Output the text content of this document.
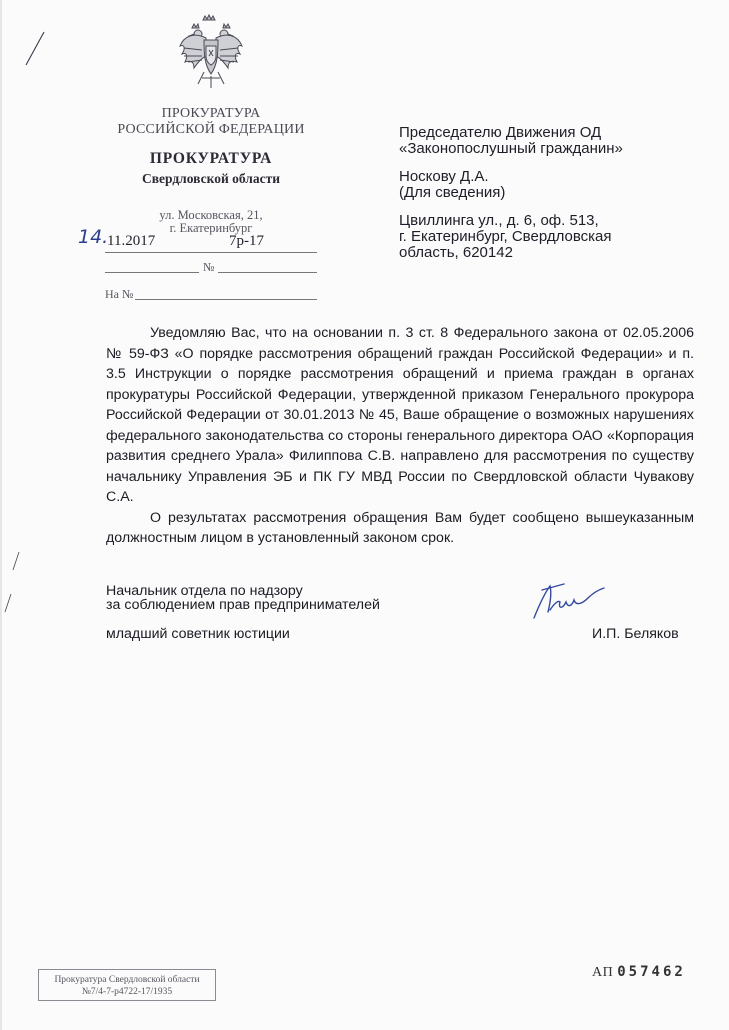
ПРОКУРАТУРА
РОССИЙСКОЙ ФЕДЕРАЦИИ
ПРОКУРАТУРА
Свердловской области
ул. Московская, 21,
г. Екатеринбург
14.
11.2017	7р-17
№
На №
Председателю Движения ОД
«Законопослушный гражданин»
Носкову Д.А.
(Для сведения)
Цвиллинга ул., д. 6, оф. 513,
г. Екатеринбург, Свердловская
область, 620142

Уведомляю Вас, что на основании п. 3 ст. 8 Федерального закона от 02.05.2006 № 59-ФЗ «О порядке рассмотрения обращений граждан Российской Федерации» и п. 3.5 Инструкции о порядке рассмотрения обращений и приема граждан в органах прокуратуры Российской Федерации, утвержденной приказом Генерального прокурора Российской Федерации от 30.01.2013 № 45, Ваше обращение о возможных нарушениях федерального законодательства со стороны генерального директора ОАО «Корпорация развития среднего Урала» Филиппова С.В. направлено для рассмотрения по существу начальнику Управления ЭБ и ПК ГУ МВД России по Свердловской области Чувакову С.А.

О результатах рассмотрения обращения Вам будет сообщено вышеуказанным должностным лицом в установленный законом срок.

Начальник отдела по надзору
за соблюдением прав предпринимателей
младший советник юстиции	И.П. Беляков
Прокуратура Свердловской области
№7/4-7-р4722-17/1935
АП 057462
